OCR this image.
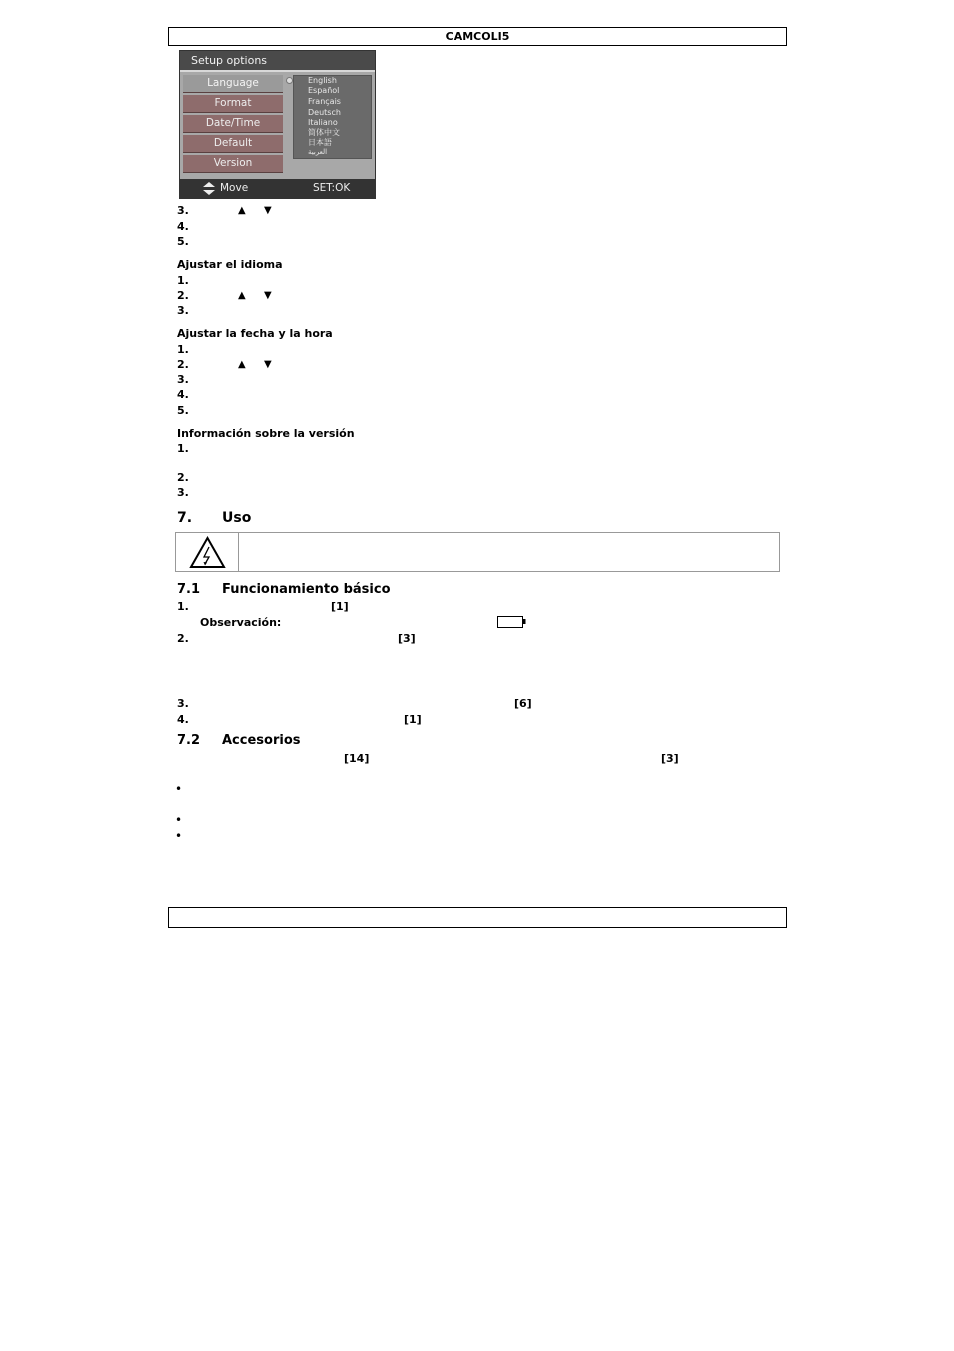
CAMCOLI5
Setup options
Language
Format
Date/Time
Default
Version
English
Español
Français
Deutsch
Italiano
简体中文
日本語
العربية
Move	SET:OK
3.	▲ ▼
4.
5.
Ajustar el idioma
1.
2.	▲ ▼
3.
Ajustar la fecha y la hora
1.
2.	▲ ▼
3.
4.
5.
Información sobre la versión
1.
2.
3.
7. Uso
7.1 Funcionamiento básico
1.	[1]
Observación:
2.	[3]
3.	[6]
4.	[1]
7.2 Accesorios
[14]	[3]
•
•
•
